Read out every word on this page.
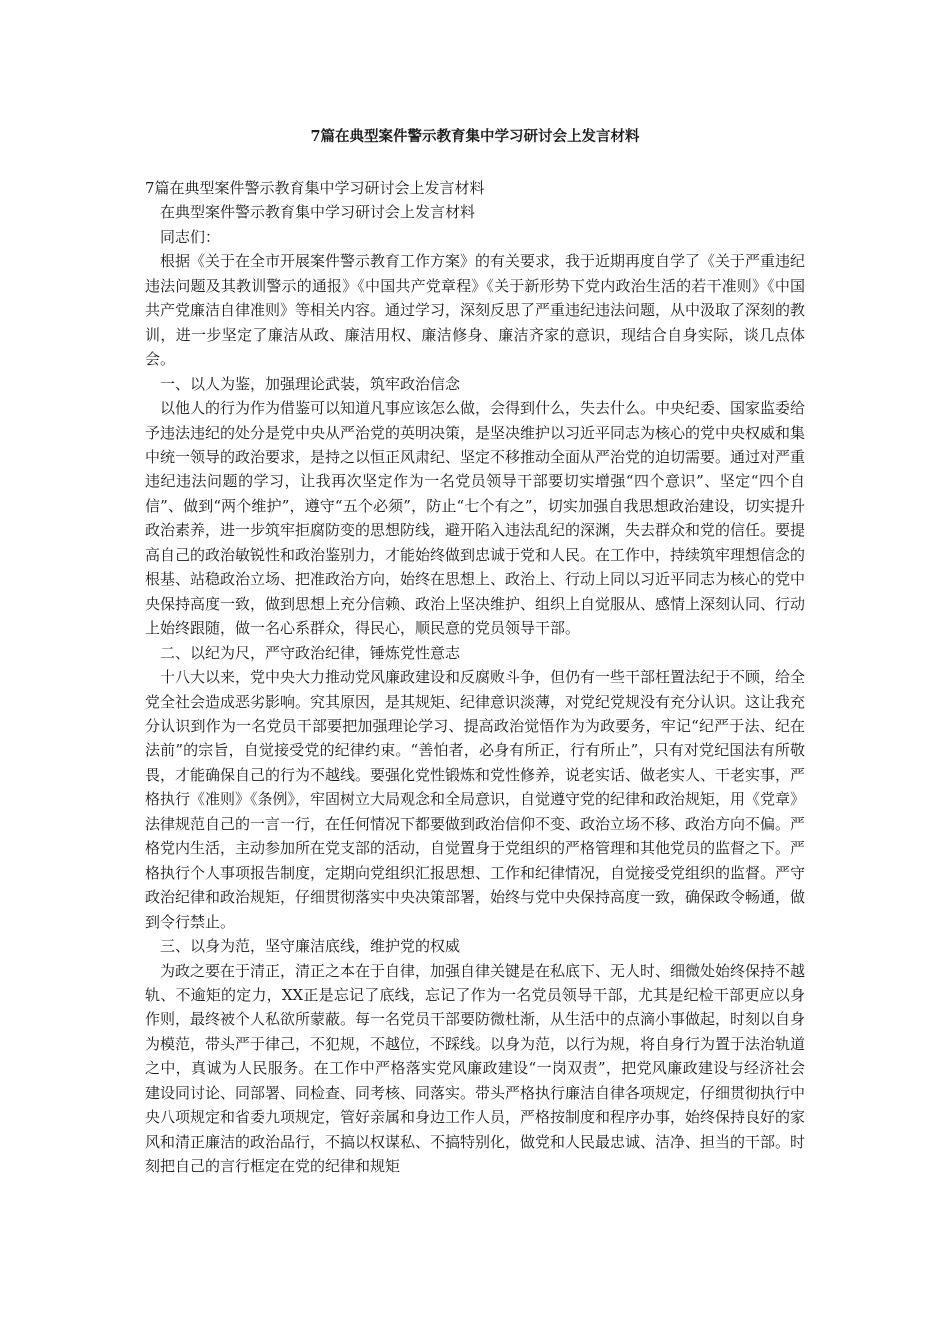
7篇在典型案件警示教育集中学习研讨会上发言材料
7篇在典型案件警示教育集中学习研讨会上发言材料
在典型案件警示教育集中学习研讨会上发言材料
同志们：

根据《关于在全市开展案件警示教育工作方案》的有关要求，我于近期再度自学了《关于严重违纪违法问题及其教训警示的通报》《中国共产党章程》《关于新形势下党内政治生活的若干准则》《中国共产党廉洁自律准则》等相关内容。通过学习，深刻反思了严重违纪违法问题，从中汲取了深刻的教训，进一步坚定了廉洁从政、廉洁用权、廉洁修身、廉洁齐家的意识，现结合自身实际，谈几点体会。

一、以人为鉴，加强理论武装，筑牢政治信念

以他人的行为作为借鉴可以知道凡事应该怎么做，会得到什么，失去什么。中央纪委、国家监委给予违法违纪的处分是党中央从严治党的英明决策，是坚决维护以习近平同志为核心的党中央权威和集中统一领导的政治要求，是持之以恒正风肃纪、坚定不移推动全面从严治党的迫切需要。通过对严重违纪违法问题的学习，让我再次坚定作为一名党员领导干部要切实增强“四个意识”、坚定“四个自信”、做到“两个维护”，遵守“五个必须”，防止“七个有之”，切实加强自我思想政治建设，切实提升政治素养，进一步筑牢拒腐防变的思想防线，避开陷入违法乱纪的深渊，失去群众和党的信任。要提高自己的政治敏锐性和政治鉴别力，才能始终做到忠诚于党和人民。在工作中，持续筑牢理想信念的根基、站稳政治立场、把准政治方向，始终在思想上、政治上、行动上同以习近平同志为核心的党中央保持高度一致，做到思想上充分信赖、政治上坚决维护、组织上自觉服从、感情上深刻认同、行动上始终跟随，做一名心系群众，得民心，顺民意的党员领导干部。

二、以纪为尺，严守政治纪律，锤炼党性意志

十八大以来，党中央大力推动党风廉政建设和反腐败斗争，但仍有一些干部枉置法纪于不顾，给全党全社会造成恶劣影响。究其原因，是其规矩、纪律意识淡薄，对党纪党规没有充分认识。这让我充分认识到作为一名党员干部要把加强理论学习、提高政治觉悟作为为政要务，牢记“纪严于法、纪在法前”的宗旨，自觉接受党的纪律约束。“善怕者，必身有所正，行有所止”，只有对党纪国法有所敬畏，才能确保自己的行为不越线。要强化党性锻炼和党性修养，说老实话、做老实人、干老实事，严格执行《准则》《条例》，牢固树立大局观念和全局意识，自觉遵守党的纪律和政治规矩，用《党章》法律规范自己的一言一行，在任何情况下都要做到政治信仰不变、政治立场不移、政治方向不偏。严格党内生活，主动参加所在党支部的活动，自觉置身于党组织的严格管理和其他党员的监督之下。严格执行个人事项报告制度，定期向党组织汇报思想、工作和纪律情况，自觉接受党组织的监督。严守政治纪律和政治规矩，仔细贯彻落实中央决策部署，始终与党中央保持高度一致，确保政令畅通，做到令行禁止。

三、以身为范，坚守廉洁底线，维护党的权威

为政之要在于清正，清正之本在于自律，加强自律关键是在私底下、无人时、细微处始终保持不越轨、不逾矩的定力，XX正是忘记了底线，忘记了作为一名党员领导干部，尤其是纪检干部更应以身作则，最终被个人私欲所蒙蔽。每一名党员干部要防微杜渐，从生活中的点滴小事做起，时刻以自身为模范，带头严于律己，不犯规，不越位，不踩线。以身为范，以行为规，将自身行为置于法治轨道之中，真诚为人民服务。在工作中严格落实党风廉政建设“一岗双责”，把党风廉政建设与经济社会建设同讨论、同部署、同检查、同考核、同落实。带头严格执行廉洁自律各项规定，仔细贯彻执行中央八项规定和省委九项规定，管好亲属和身边工作人员，严格按制度和程序办事，始终保持良好的家风和清正廉洁的政治品行，不搞以权谋私、不搞特别化，做党和人民最忠诚、洁净、担当的干部。时刻把自己的言行框定在党的纪律和规矩
